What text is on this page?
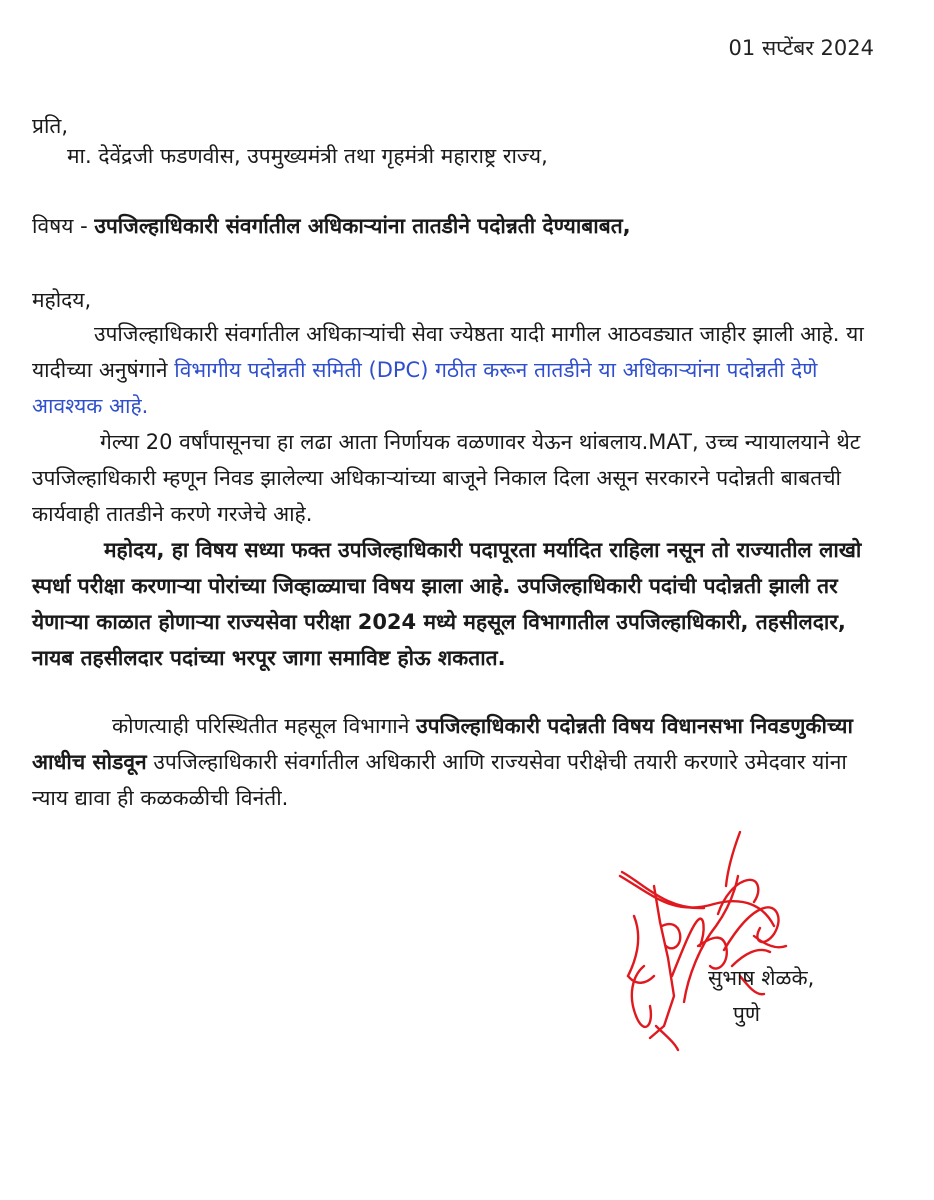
01 सप्टेंबर 2024
प्रति,
मा. देवेंद्रजी फडणवीस, उपमुख्यमंत्री तथा गृहमंत्री महाराष्ट्र राज्य,
विषय - उपजिल्हाधिकारी संवर्गातील अधिकाऱ्यांना तातडीने पदोन्नती देण्याबाबत,
महोदय,
उपजिल्हाधिकारी संवर्गातील अधिकाऱ्यांची सेवा ज्येष्ठता यादी मागील आठवड्यात जाहीर झाली आहे. या यादीच्या अनुषंगाने विभागीय पदोन्नती समिती (DPC) गठीत करून तातडीने या अधिकाऱ्यांना पदोन्नती देणे आवश्यक आहे.
गेल्या 20 वर्षांपासूनचा हा लढा आता निर्णायक वळणावर येऊन थांबलाय.MAT, उच्च न्यायालयाने थेट उपजिल्हाधिकारी म्हणून निवड झालेल्या अधिकाऱ्यांच्या बाजूने निकाल दिला असून सरकारने पदोन्नती बाबतची कार्यवाही तातडीने करणे गरजेचे आहे.
महोदय, हा विषय सध्या फक्त उपजिल्हाधिकारी पदापूरता मर्यादित राहिला नसून तो राज्यातील लाखो स्पर्धा परीक्षा करणाऱ्या पोरांच्या जिव्हाळ्याचा विषय झाला आहे. उपजिल्हाधिकारी पदांची पदोन्नती झाली तर येणाऱ्या काळात होणाऱ्या राज्यसेवा परीक्षा 2024 मध्ये महसूल विभागातील उपजिल्हाधिकारी, तहसीलदार, नायब तहसीलदार पदांच्या भरपूर जागा समाविष्ट होऊ शकतात.
कोणत्याही परिस्थितीत महसूल विभागाने उपजिल्हाधिकारी पदोन्नती विषय विधानसभा निवडणुकीच्या आधीच सोडवून उपजिल्हाधिकारी संवर्गातील अधिकारी आणि राज्यसेवा परीक्षेची तयारी करणारे उमेदवार यांना न्याय द्यावा ही कळकळीची विनंती.
सुभाष शेळके,
पुणे
